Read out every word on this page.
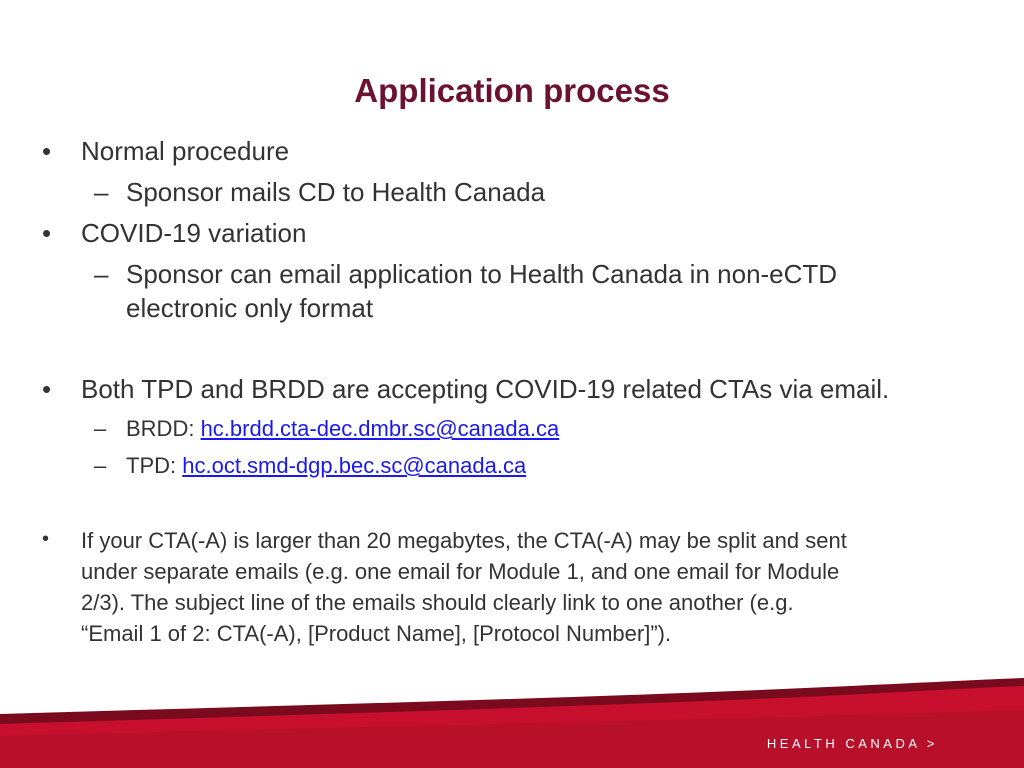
Application process
• Normal procedure
– Sponsor mails CD to Health Canada
• COVID-19 variation
– Sponsor can email application to Health Canada in non-eCTD
electronic only format
• Both TPD and BRDD are accepting COVID-19 related CTAs via email.
– BRDD: hc.brdd.cta-dec.dmbr.sc@canada.ca
– TPD: hc.oct.smd-dgp.bec.sc@canada.ca
• If your CTA(-A) is larger than 20 megabytes, the CTA(-A) may be split and sent
under separate emails (e.g. one email for Module 1, and one email for Module
2/3). The subject line of the emails should clearly link to one another (e.g.
“Email 1 of 2: CTA(-A), [Product Name], [Protocol Number]”).
HEALTH CANADA >
